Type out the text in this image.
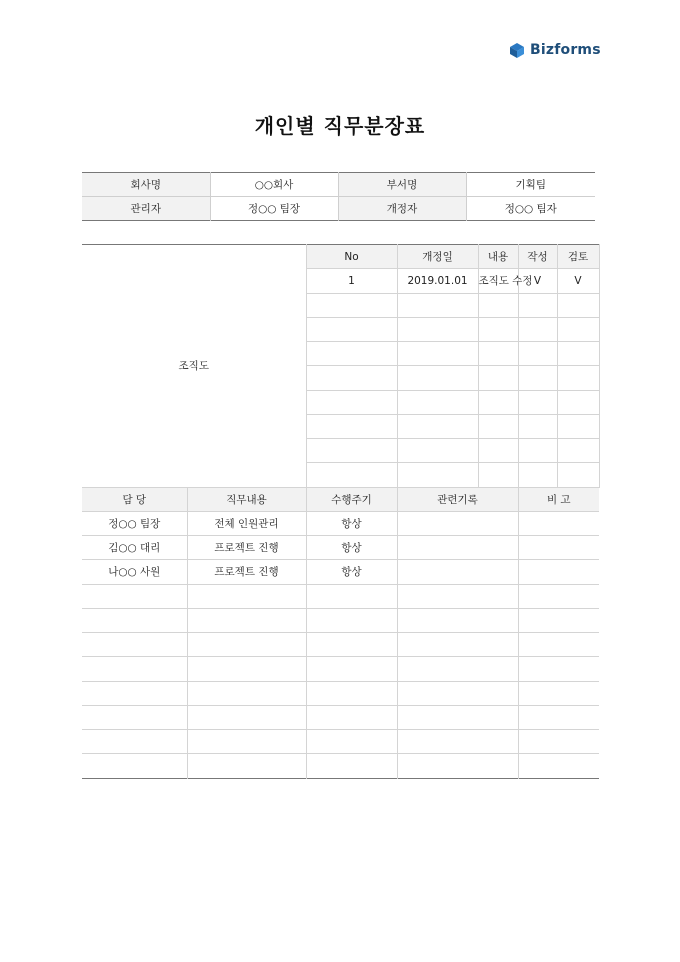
Bizforms
개인별 직무분장표
회사명	○○회사	부서명	기획팀
관리자	정○○ 팀장	개정자	정○○ 팀자
조직도		No	개정일	내용	작성	검토	
		1	2019.01.01	조직도 수정	V	V	

담 당	직무내용	수행주기	관련기록		비 고		
정○○ 팀장	전체 인원관리	항상					
김○○ 대리	프로젝트 진행	항상					
나○○ 사원	프로젝트 진행	항상					
